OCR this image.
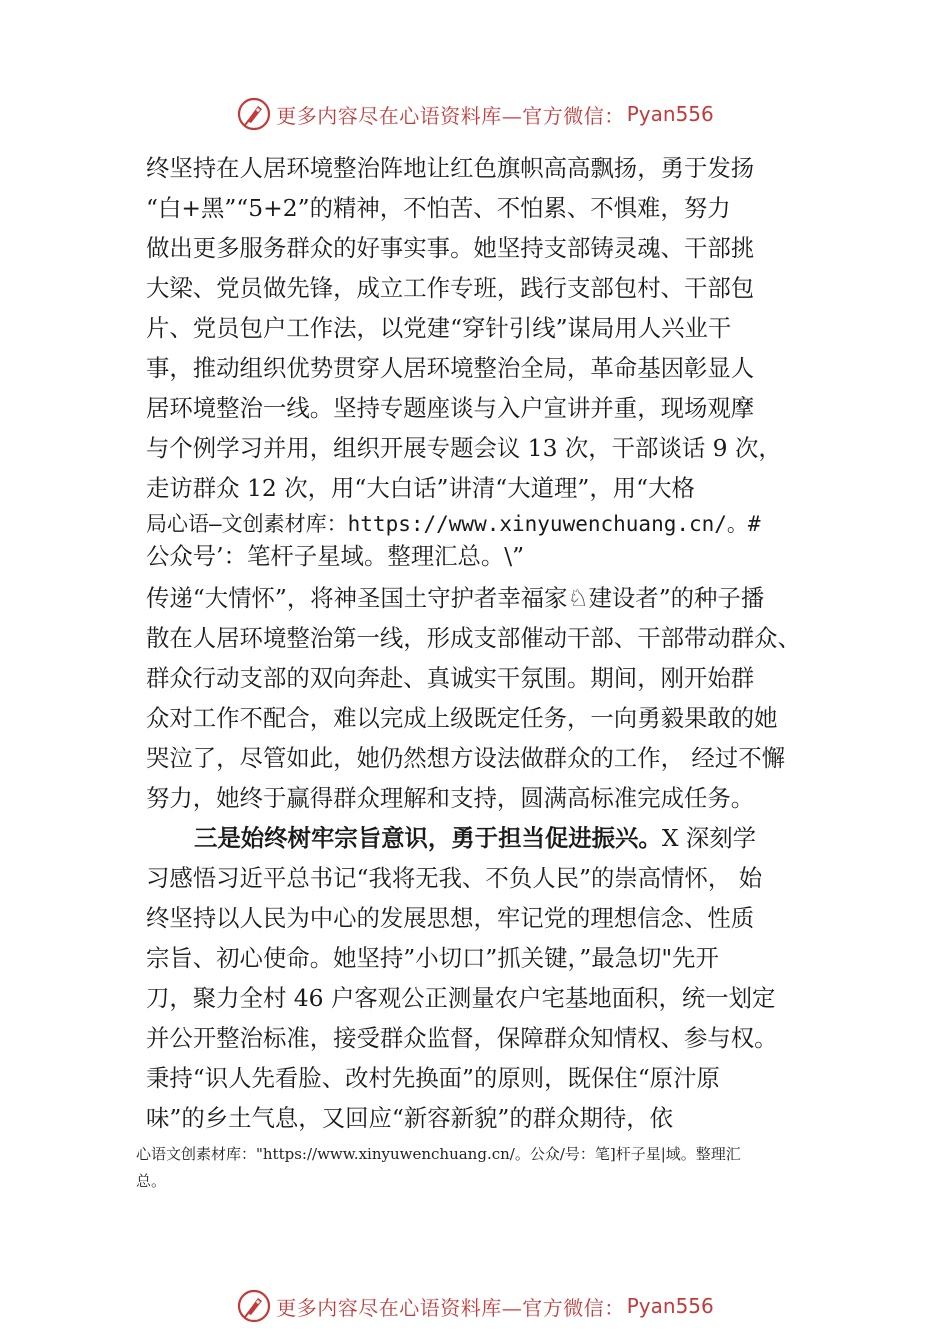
更多内容尽在心语资料库—官方微信： Pyan556
终坚持在人居环境整治阵地让红色旗帜高高飘扬，勇于发扬
“白+黑”“5+2”的精神，不怕苦、不怕累、不惧难，努力
做出更多服务群众的好事实事。她坚持支部铸灵魂、干部挑
大梁、党员做先锋，成立工作专班，践行支部包村、干部包
片、党员包户工作法，以党建“穿针引线”谋局用人兴业干
事，推动组织优势贯穿人居环境整治全局，革命基因彰显人
居环境整治一线。坚持专题座谈与入户宣讲并重，现场观摩
与个例学习并用，组织开展专题会议 13 次，干部谈话 9 次，
走访群众 12 次，用“大白话”讲清“大道理”，用“大格
局心语—文创素材库：https://www.xinyuwenchuang.cn/。#
公众号’：笔杆子星域。整理汇总。\”
传递“大情怀”，将神圣国土守护者幸福家♘建设者”的种子播
散在人居环境整治第一线，形成支部催动干部、干部带动群众、
群众行动支部的双向奔赴、真诚实干氛围。期间，刚开始群
众对工作不配合，难以完成上级既定任务，一向勇毅果敢的她
哭泣了，尽管如此，她仍然想方设法做群众的工作， 经过不懈
努力，她终于赢得群众理解和支持，圆满高标准完成任务。
三是始终树牢宗旨意识，勇于担当促进振兴。X 深刻学
习感悟习近平总书记“我将无我、不负人民”的崇高情怀， 始
终坚持以人民为中心的发展思想，牢记党的理想信念、性质
宗旨、初心使命。她坚持”小切口”抓关键，”最急切"先开
刀，聚力全村 46 户客观公正测量农户宅基地面积，统一划定
并公开整治标准，接受群众监督，保障群众知情权、参与权。
秉持“识人先看脸、改村先换面”的原则，既保住“原汁原
味”的乡土气息，又回应“新容新貌”的群众期待，依
心语文创素材库："https://www.xinyuwenchuang.cn/。公众/号：笔]杆子星|域。整理汇
总。
更多内容尽在心语资料库—官方微信： Pyan556
